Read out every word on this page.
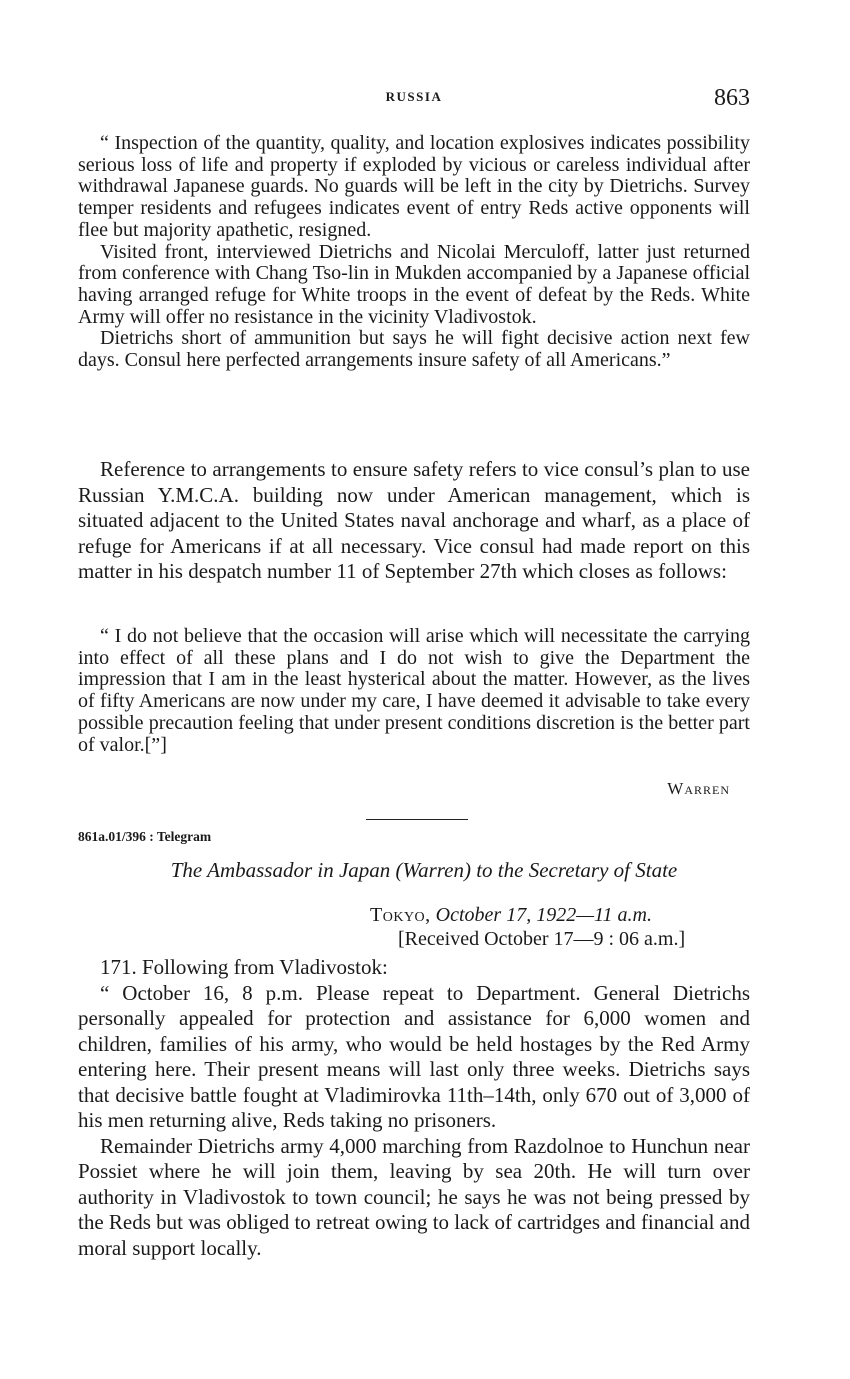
RUSSIA	863

“ Inspection of the quantity, quality, and location explosives indicates possibility serious loss of life and property if exploded by vicious or careless individual after withdrawal Japanese guards. No guards will be left in the city by Dietrichs. Survey temper residents and refugees indicates event of entry Reds active opponents will flee but majority apathetic, resigned.

Visited front, interviewed Dietrichs and Nicolai Merculoff, latter just returned from conference with Chang Tso-lin in Mukden accompanied by a Japanese official having arranged refuge for White troops in the event of defeat by the Reds. White Army will offer no resistance in the vicinity Vladivostok.

Dietrichs short of ammunition but says he will fight decisive action next few days. Consul here perfected arrangements insure safety of all Americans.”

Reference to arrangements to ensure safety refers to vice consul’s plan to use Russian Y.M.C.A. building now under American management, which is situated adjacent to the United States naval anchorage and wharf, as a place of refuge for Americans if at all necessary. Vice consul had made report on this matter in his despatch number 11 of September 27th which closes as follows:

“ I do not believe that the occasion will arise which will necessitate the carrying into effect of all these plans and I do not wish to give the Department the impression that I am in the least hysterical about the matter. However, as the lives of fifty Americans are now under my care, I have deemed it advisable to take every possible precaution feeling that under present conditions discretion is the better part of valor.[”]

Warren
861a.01/396 : Telegram
The Ambassador in Japan (Warren) to the Secretary of State
Tokyo, October 17, 1922—11 a.m.
[Received October 17—9 : 06 a.m.]

171. Following from Vladivostok:

“ October 16, 8 p.m. Please repeat to Department. General Dietrichs personally appealed for protection and assistance for 6,000 women and children, families of his army, who would be held hostages by the Red Army entering here. Their present means will last only three weeks. Dietrichs says that decisive battle fought at Vladimirovka 11th–14th, only 670 out of 3,000 of his men returning alive, Reds taking no prisoners.

Remainder Dietrichs army 4,000 marching from Razdolnoe to Hunchun near Possiet where he will join them, leaving by sea 20th. He will turn over authority in Vladivostok to town council; he says he was not being pressed by the Reds but was obliged to retreat owing to lack of cartridges and financial and moral support locally.
